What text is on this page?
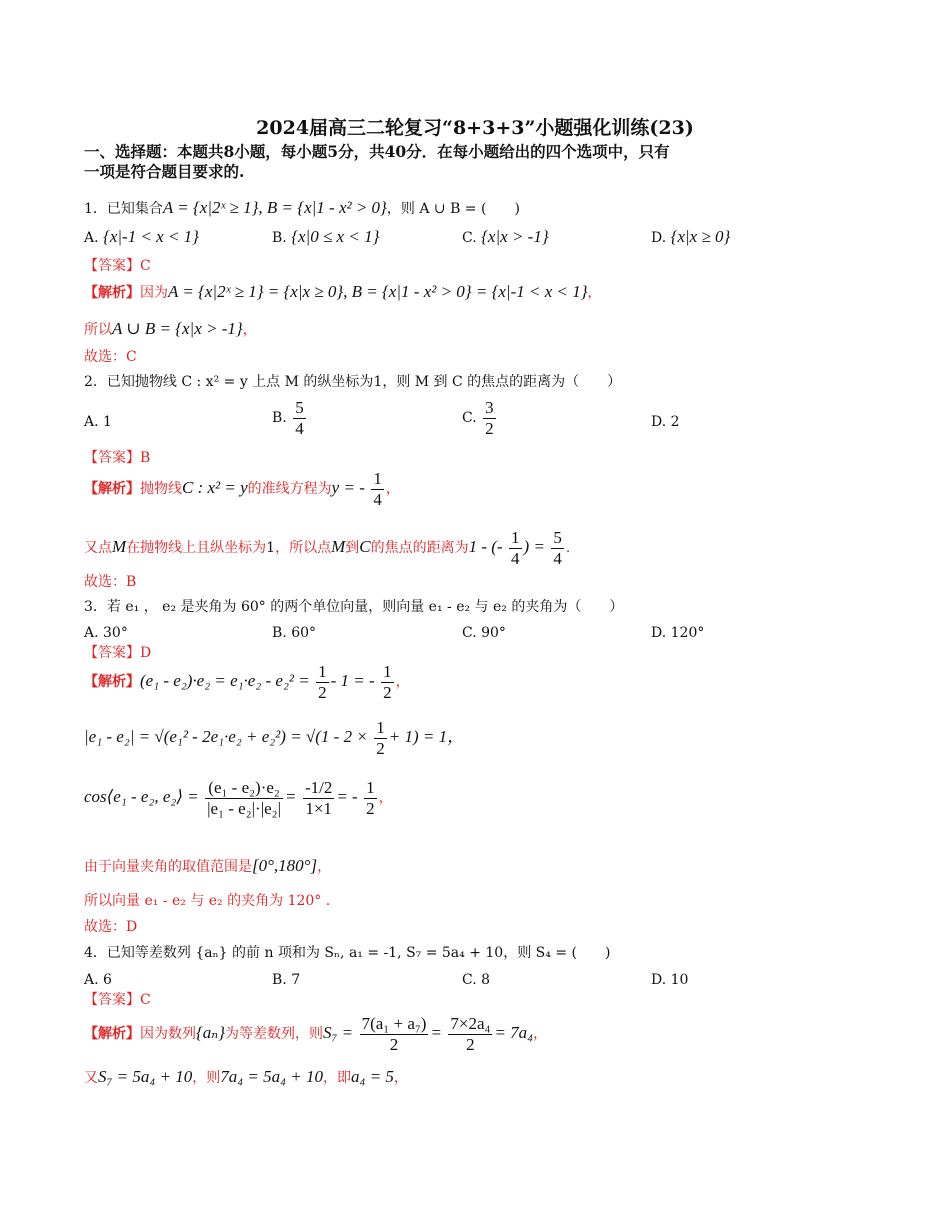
2024届高三二轮复习“8+3+3”小题强化训练(23)
一、选择题：本题共8小题，每小题5分，共40分．在每小题给出的四个选项中，只有
一项是符合题目要求的.
1．已知集合A = {x|2ˣ ≥ 1}, B = {x|1 - x² > 0}，则 A ∪ B = (　　)
A. {x|-1 < x < 1}	B. {x|0 ≤ x < 1}	C. {x|x > -1}	D. {x|x ≥ 0}
【答案】C
【解析】因为A = {x|2ˣ ≥ 1} = {x|x ≥ 0}, B = {x|1 - x² > 0} = {x|-1 < x < 1}，
所以A ∪ B = {x|x > -1}，
故选：C
2．已知抛物线 C : x² = y 上点 M 的纵坐标为1，则 M 到 C 的焦点的距离为（　　）
A. 1	B. $\frac{5}{4}$	C. $\frac{3}{2}$	D. 2
【答案】B
【解析】抛物线C : x² = y的准线方程为y = - $\frac{1}{4}$ ，
又点M在抛物线上且纵坐标为1，所以点M到C的焦点的距离为1 - (- $\frac{1}{4}$ ) = $\frac{5}{4}$ .
故选：B
3．若 e₁ ， e₂ 是夹角为 60° 的两个单位向量，则向量 e₁ - e₂ 与 e₂ 的夹角为（　　）
A. 30°	B. 60°	C. 90°	D. 120°
【答案】D
【解析】$(e_1 - e_2)\cdot e_2 = e_1\cdot e_2 - e_2^2 = \frac{1}{2} - 1$ = - $\frac{1}{2}$ ，
$|e_1 - e_2| = √(e_1^2 - 2e_1\cdot e_2 + e_2^2) = √(1 - 2 \times \frac{1}{2} + 1) = 1$，
cos⟨e₁ - e₂, e₂⟩ = $\frac{\text{(e₁ - e₂)·e₂}}{\text{|e₁ - e₂|·|e₂|}} = \frac{-1/2}{1\times 1}$ = - $\frac{1}{2}$ ，
由于向量夹角的取值范围是[0°,180°]，
所以向量 e₁ - e₂ 与 e₂ 的夹角为 120° .
故选：D
4．已知等差数列 {aₙ} 的前 n 项和为 Sₙ, a₁ = -1, S₇ = 5a₄ + 10，则 S₄ = (　　)
A. 6	B. 7	C. 8	D. 10
【答案】C
【解析】因为数列{aₙ}为等差数列，则$S_7 = \frac{\text{7(a₁ + a₇)}}{2} = \frac{\text{7×2a₄}}{2} = 7a_4$，
又S₇ = 5a₄ + 10，则7a₄ = 5a₄ + 10，即a₄ = 5，
